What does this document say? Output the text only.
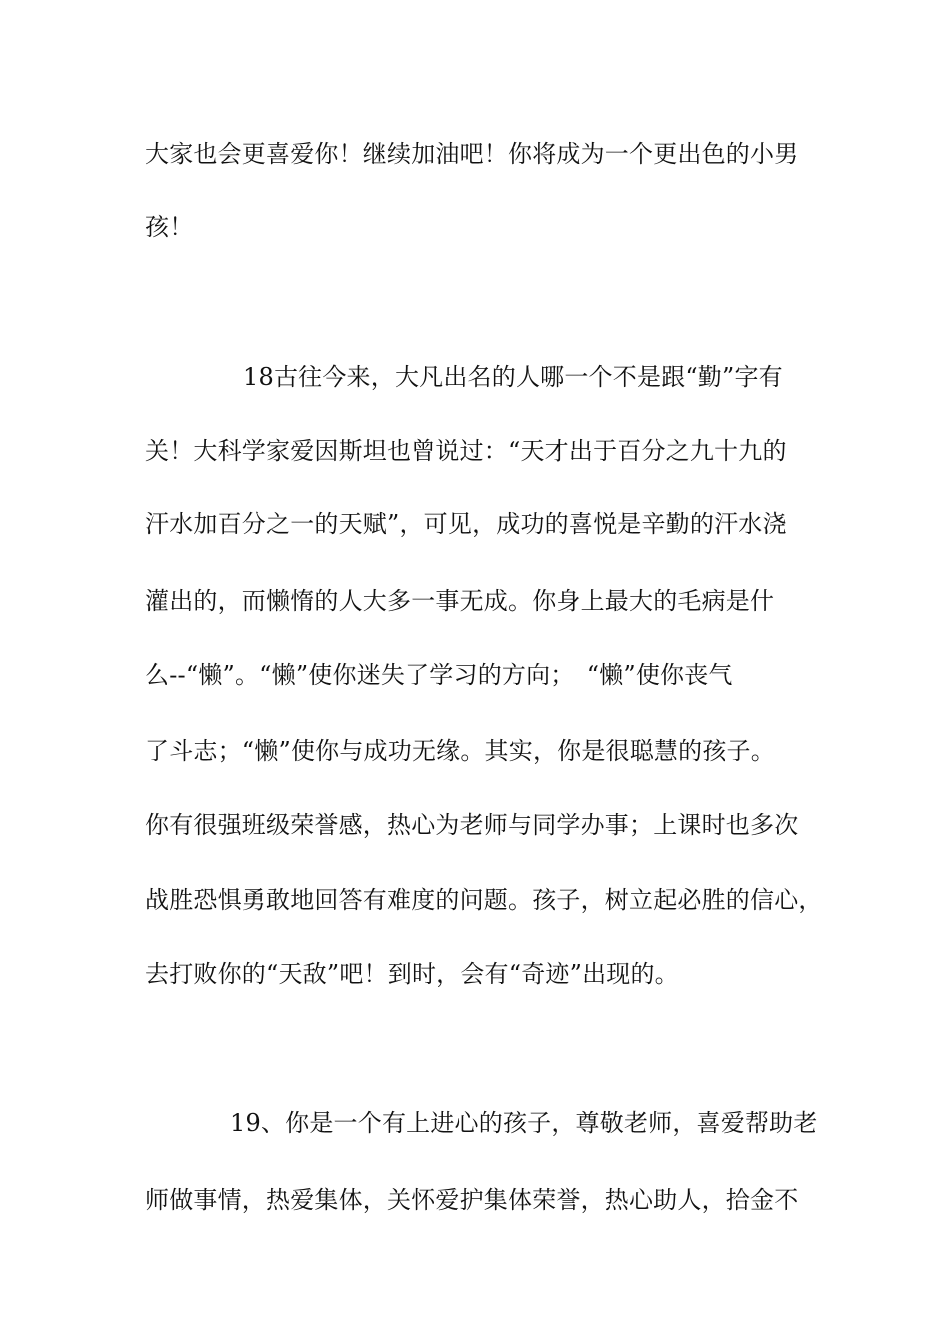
大家也会更喜爱你！继续加油吧！你将成为一个更出色的小男
孩！
18古往今来，大凡出名的人哪一个不是跟“勤”字有
关！大科学家爱因斯坦也曾说过：“天才出于百分之九十九的
汗水加百分之一的天赋”，可见，成功的喜悦是辛勤的汗水浇
灌出的，而懒惰的人大多一事无成。你身上最大的毛病是什
么--“懒”。“懒”使你迷失了学习的方向；　“懒”使你丧气
了斗志；“懒”使你与成功无缘。其实，你是很聪慧的孩子。
你有很强班级荣誉感，热心为老师与同学办事；上课时也多次
战胜恐惧勇敢地回答有难度的问题。孩子，树立起必胜的信心，
去打败你的“天敌”吧！到时，会有“奇迹”出现的。
19、你是一个有上进心的孩子，尊敬老师，喜爱帮助老
师做事情，热爱集体，关怀爱护集体荣誉，热心助人，拾金不
